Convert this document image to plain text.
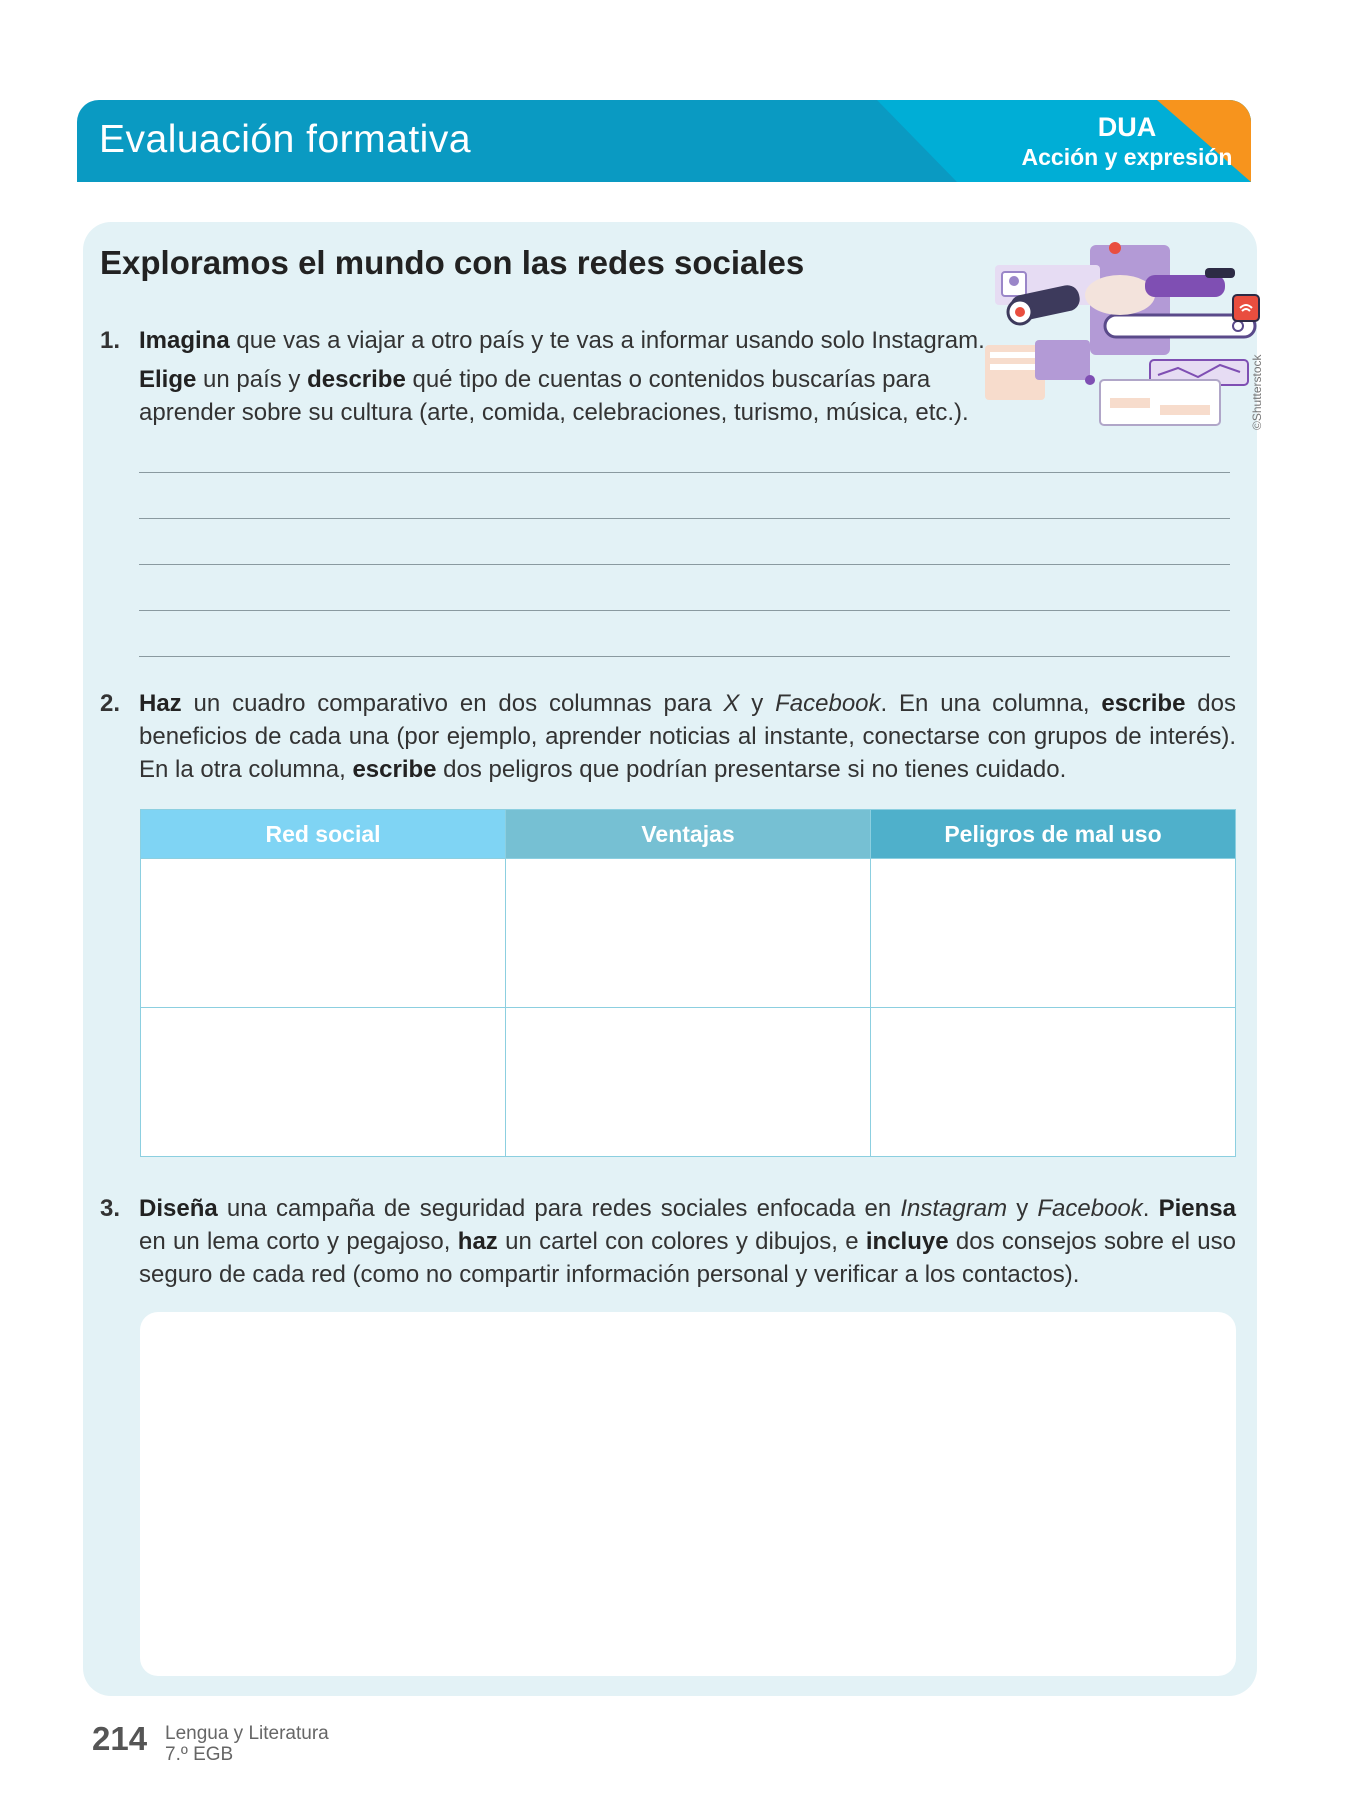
Evaluación formativa	DUA
Acción y expresión
Exploramos el mundo con las redes sociales
©Shutterstock
1. Imagina que vas a viajar a otro país y te vas a informar usando solo Instagram.
Elige un país y describe qué tipo de cuentas o contenidos buscarías para
aprender sobre su cultura (arte, comida, celebraciones, turismo, música, etc.).
2. Haz un cuadro comparativo en dos columnas para X y Facebook. En una columna, escribe dos beneficios de cada una (por ejemplo, aprender noticias al instante, conectarse con grupos de interés). En la otra columna, escribe dos peligros que podrían presentarse si no tienes cuidado.
Red social	Ventajas	Peligros de mal uso

3. Diseña una campaña de seguridad para redes sociales enfocada en Instagram y Facebook. Piensa en un lema corto y pegajoso, haz un cartel con colores y dibujos, e incluye dos consejos sobre el uso seguro de cada red (como no compartir información personal y verificar a los contactos).
214 Lengua y Literatura
7.º EGB
